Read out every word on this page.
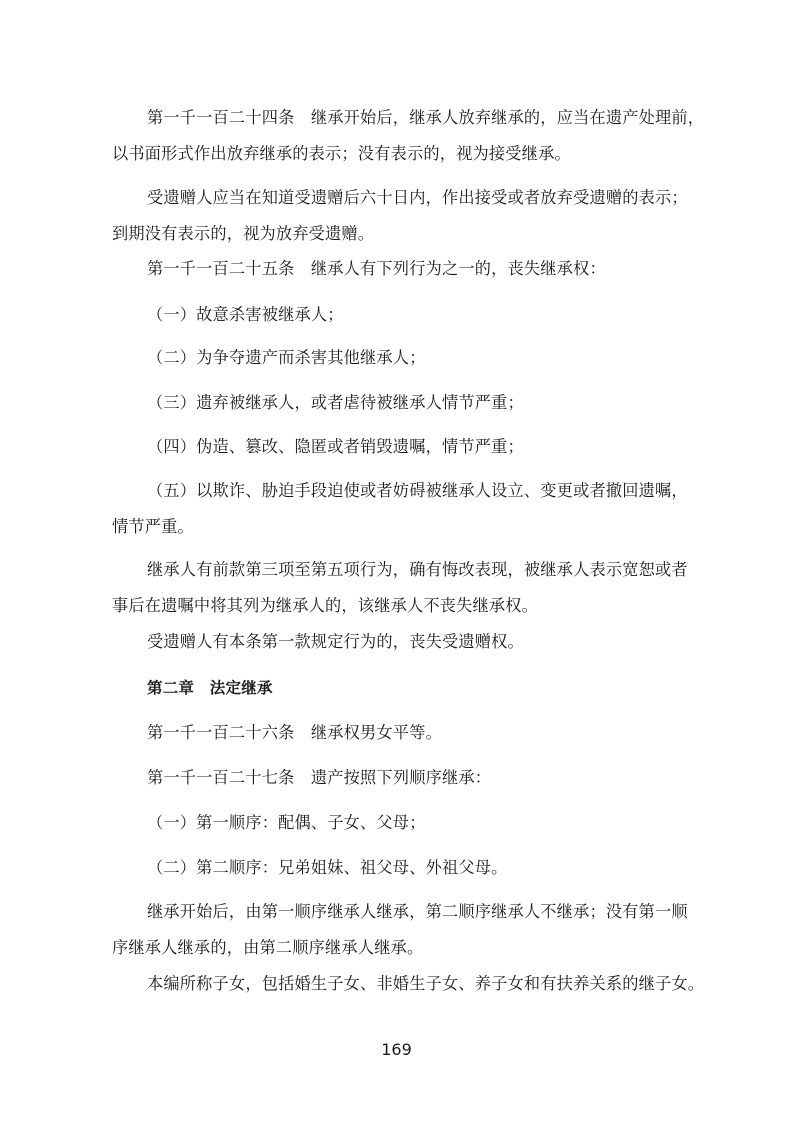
第一千一百二十四条　继承开始后，继承人放弃继承的，应当在遗产处理前，
以书面形式作出放弃继承的表示；没有表示的，视为接受继承。

受遗赠人应当在知道受遗赠后六十日内，作出接受或者放弃受遗赠的表示；
到期没有表示的，视为放弃受遗赠。

第一千一百二十五条　继承人有下列行为之一的，丧失继承权：

（一）故意杀害被继承人；

（二）为争夺遗产而杀害其他继承人；

（三）遗弃被继承人，或者虐待被继承人情节严重；

（四）伪造、篡改、隐匿或者销毁遗嘱，情节严重；

（五）以欺诈、胁迫手段迫使或者妨碍被继承人设立、变更或者撤回遗嘱，
情节严重。

继承人有前款第三项至第五项行为，确有悔改表现，被继承人表示宽恕或者
事后在遗嘱中将其列为继承人的，该继承人不丧失继承权。

受遗赠人有本条第一款规定行为的，丧失受遗赠权。

第二章　法定继承

第一千一百二十六条　继承权男女平等。

第一千一百二十七条　遗产按照下列顺序继承：

（一）第一顺序：配偶、子女、父母；

（二）第二顺序：兄弟姐妹、祖父母、外祖父母。

继承开始后，由第一顺序继承人继承，第二顺序继承人不继承；没有第一顺
序继承人继承的，由第二顺序继承人继承。

本编所称子女，包括婚生子女、非婚生子女、养子女和有扶养关系的继子女。

169
